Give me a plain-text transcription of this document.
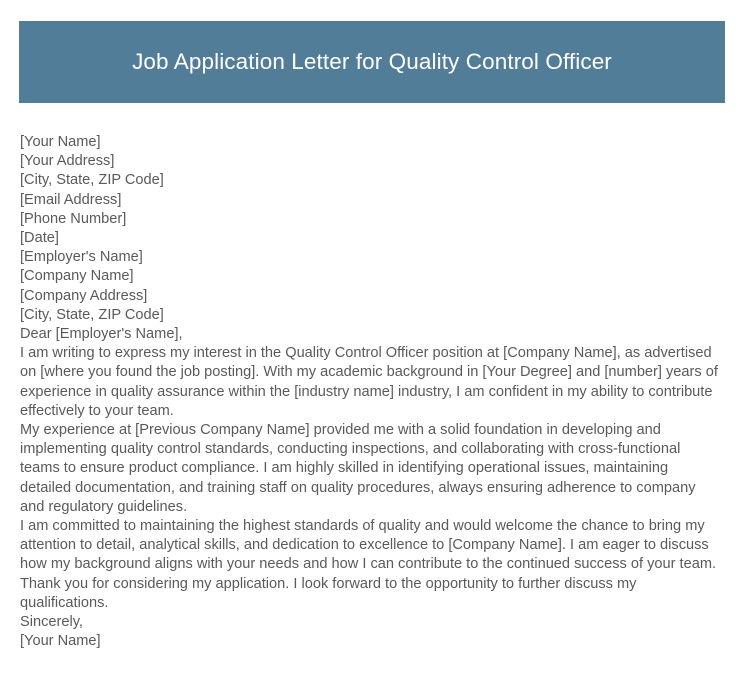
Job Application Letter for Quality Control Officer
[Your Name]
[Your Address]
[City, State, ZIP Code]
[Email Address]
[Phone Number]
[Date]
[Employer's Name]
[Company Name]
[Company Address]
[City, State, ZIP Code]
Dear [Employer's Name],

I am writing to express my interest in the Quality Control Officer position at [Company Name], as advertised on [where you found the job posting]. With my academic background in [Your Degree] and [number] years of experience in quality assurance within the [industry name] industry, I am confident in my ability to contribute effectively to your team.

My experience at [Previous Company Name] provided me with a solid foundation in developing and implementing quality control standards, conducting inspections, and collaborating with cross-functional teams to ensure product compliance. I am highly skilled in identifying operational issues, maintaining detailed documentation, and training staff on quality procedures, always ensuring adherence to company and regulatory guidelines.

I am committed to maintaining the highest standards of quality and would welcome the chance to bring my attention to detail, analytical skills, and dedication to excellence to [Company Name]. I am eager to discuss how my background aligns with your needs and how I can contribute to the continued success of your team.

Thank you for considering my application. I look forward to the opportunity to further discuss my qualifications.

Sincerely,
[Your Name]
